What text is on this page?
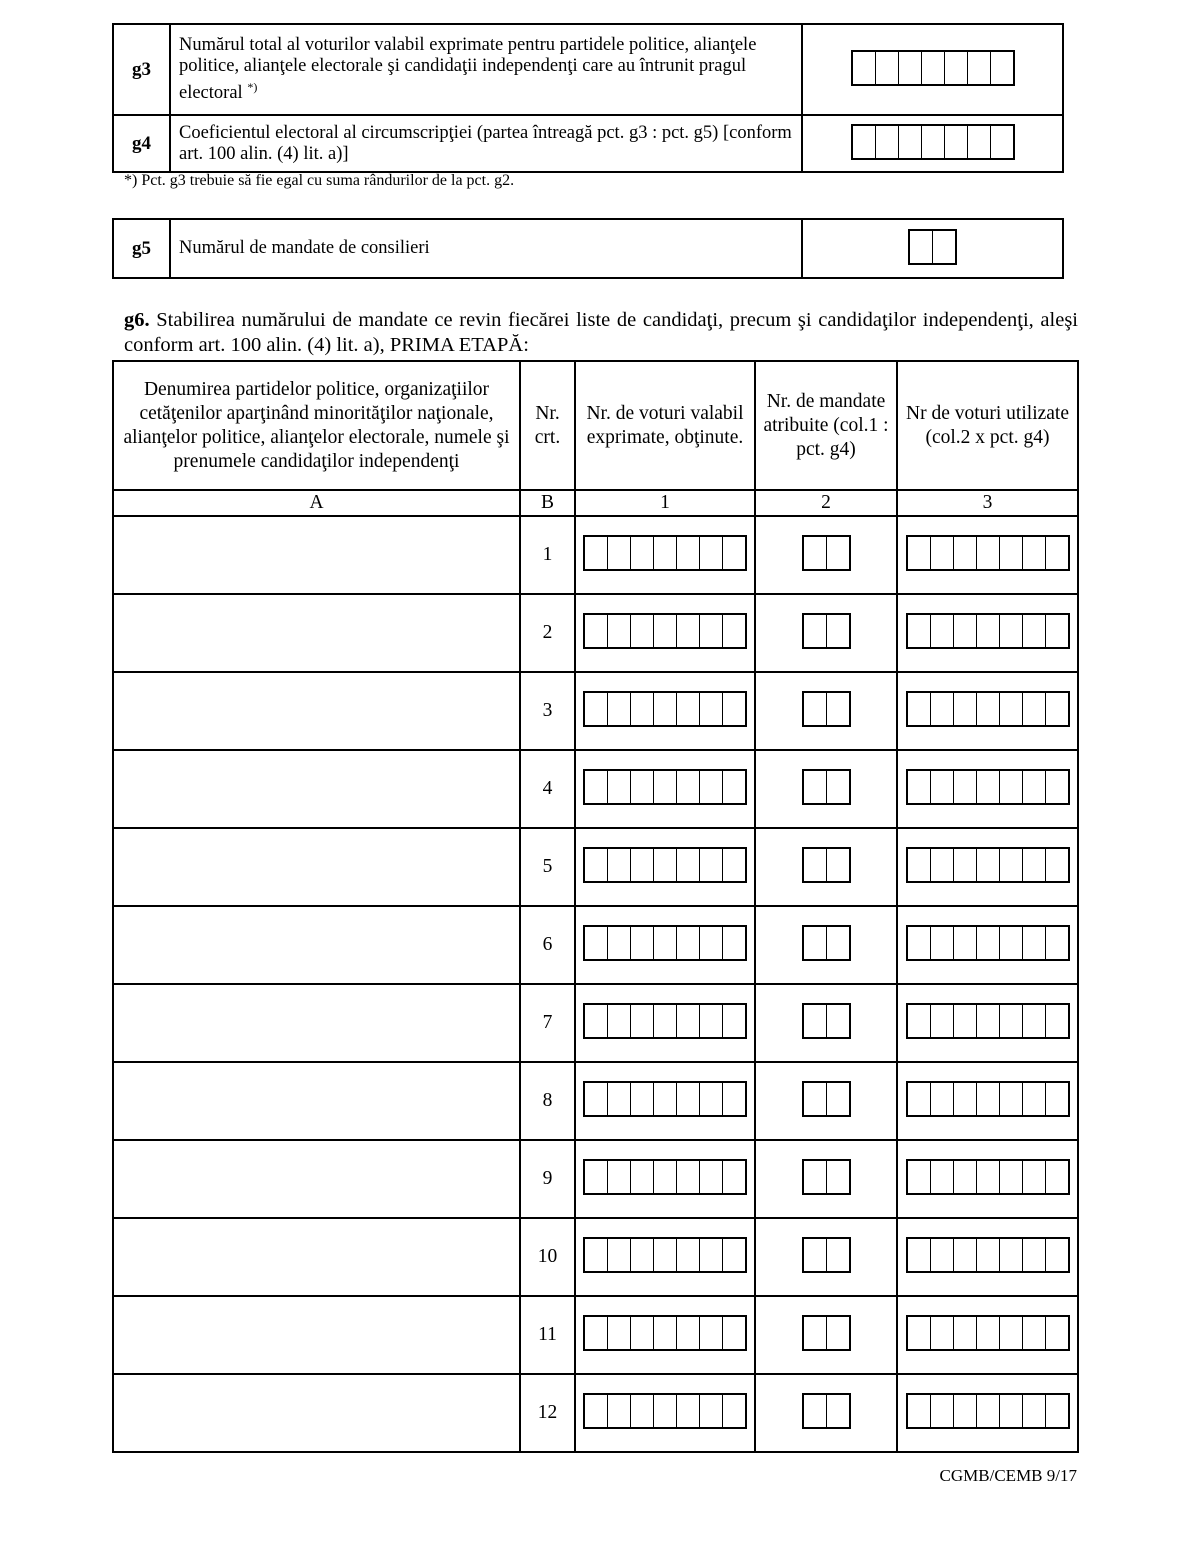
g3	Numărul total al voturilor valabil exprimate pentru partidele politice, alianţele politice, alianţele electorale şi candidaţii independenţi care au întrunit pragul electoral *)	

g4	Coeficientul electoral al circumscripţiei (partea întreagă pct. g3 : pct. g5) [conform art. 100 alin. (4) lit. a)]	
*) Pct. g3 trebuie să fie egal cu suma rândurilor de la pct. g2.
g5	Numărul de mandate de consilieri	
g6. Stabilirea numărului de mandate ce revin fiecărei liste de candidaţi, precum şi candidaţilor independenţi, aleşi conform art. 100 alin. (4) lit. a), PRIMA ETAPĂ:
Denumirea partidelor politice, organizaţiilor cetăţenilor aparţinând minorităţilor naţionale, alianţelor politice, alianţelor electorale, numele şi prenumele candidaţilor independenţi	Nr. crt.	Nr. de voturi valabil exprimate, obţinute.	Nr. de mandate atribuite (col.1 : pct. g4)	Nr de voturi utilizate (col.2 x pct. g4)
A	B	1	2	3
	1	

	2	

	3	

	4	

	5	

	6	

	7	

	8	

	9	

	10	

	11	

	12	

CGMB/CEMB 9/17
